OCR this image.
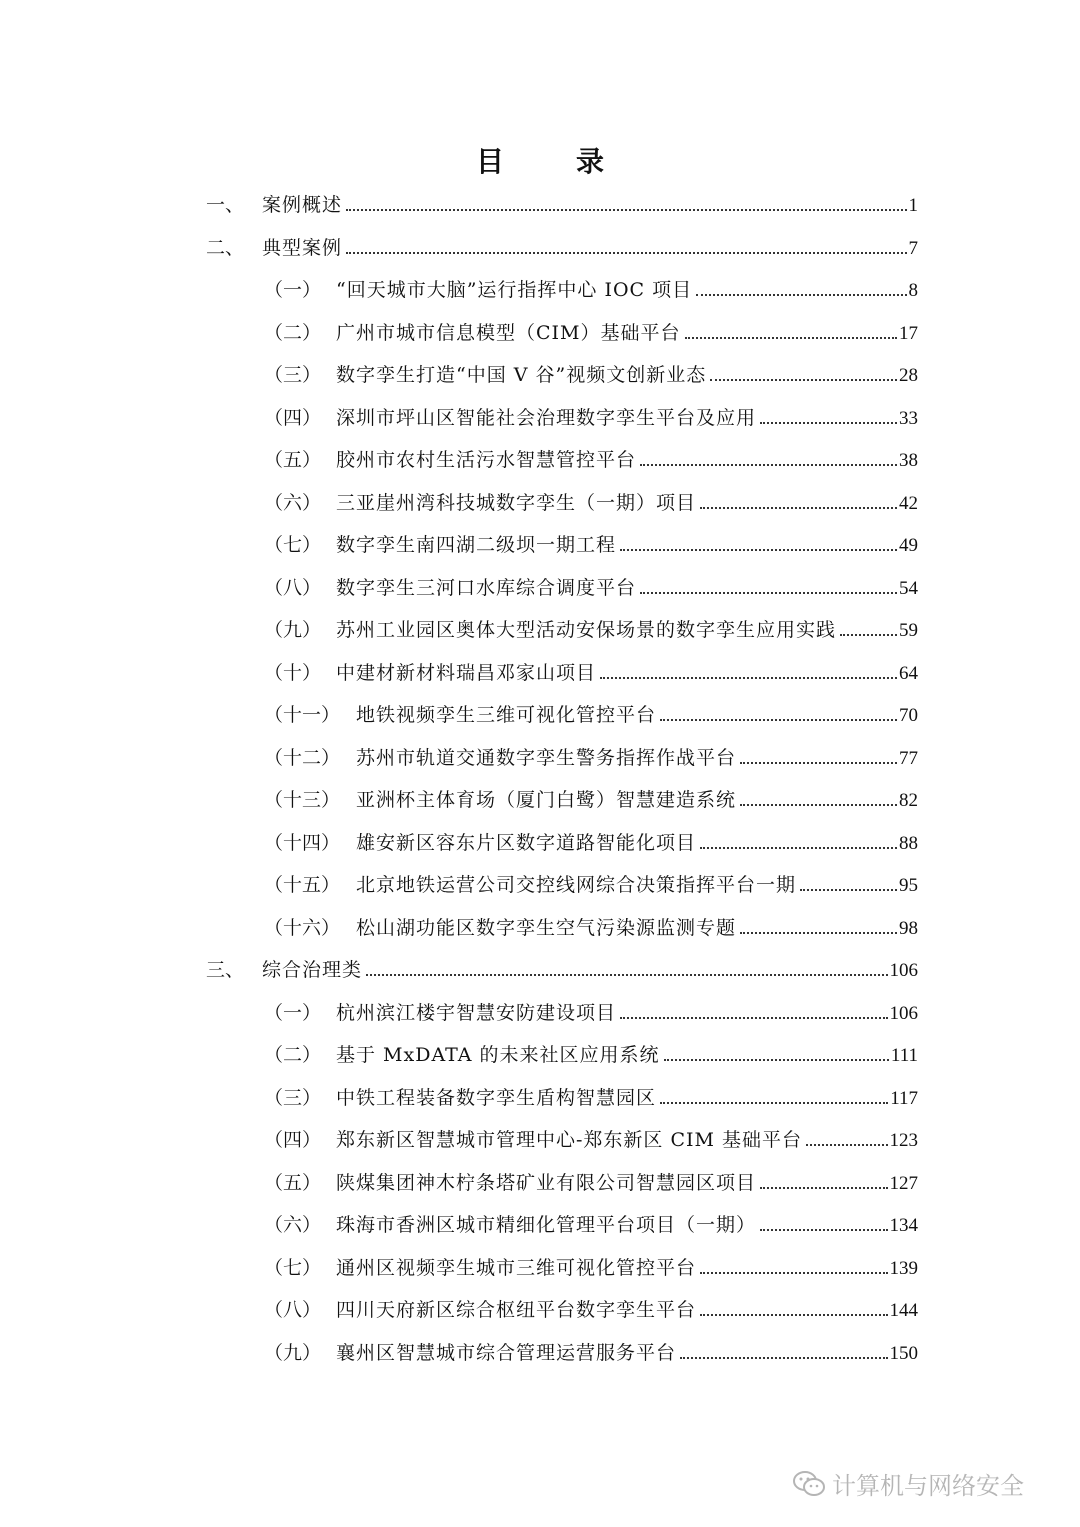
目　录
一、 案例概述	1
二、 典型案例	7
（一） “回天城市大脑”运行指挥中心 IOC 项目	8
（二） 广州市城市信息模型（CIM）基础平台	17
（三） 数字孪生打造“中国 V 谷”视频文创新业态	28
（四） 深圳市坪山区智能社会治理数字孪生平台及应用	33
（五） 胶州市农村生活污水智慧管控平台	38
（六） 三亚崖州湾科技城数字孪生（一期）项目	42
（七） 数字孪生南四湖二级坝一期工程	49
（八） 数字孪生三河口水库综合调度平台	54
（九） 苏州工业园区奥体大型活动安保场景的数字孪生应用实践	59
（十） 中建材新材料瑞昌邓家山项目	64
（十一） 地铁视频孪生三维可视化管控平台	70
（十二） 苏州市轨道交通数字孪生警务指挥作战平台	77
（十三） 亚洲杯主体育场（厦门白鹭）智慧建造系统	82
（十四） 雄安新区容东片区数字道路智能化项目	88
（十五） 北京地铁运营公司交控线网综合决策指挥平台一期	95
（十六） 松山湖功能区数字孪生空气污染源监测专题	98
三、 综合治理类	106
（一） 杭州滨江楼宇智慧安防建设项目	106
（二） 基于 MxDATA 的未来社区应用系统	111
（三） 中铁工程装备数字孪生盾构智慧园区	117
（四） 郑东新区智慧城市管理中心-郑东新区 CIM 基础平台	123
（五） 陕煤集团神木柠条塔矿业有限公司智慧园区项目	127
（六） 珠海市香洲区城市精细化管理平台项目（一期）	134
（七） 通州区视频孪生城市三维可视化管控平台	139
（八） 四川天府新区综合枢纽平台数字孪生平台	144
（九） 襄州区智慧城市综合管理运营服务平台	150
计算机与网络安全
